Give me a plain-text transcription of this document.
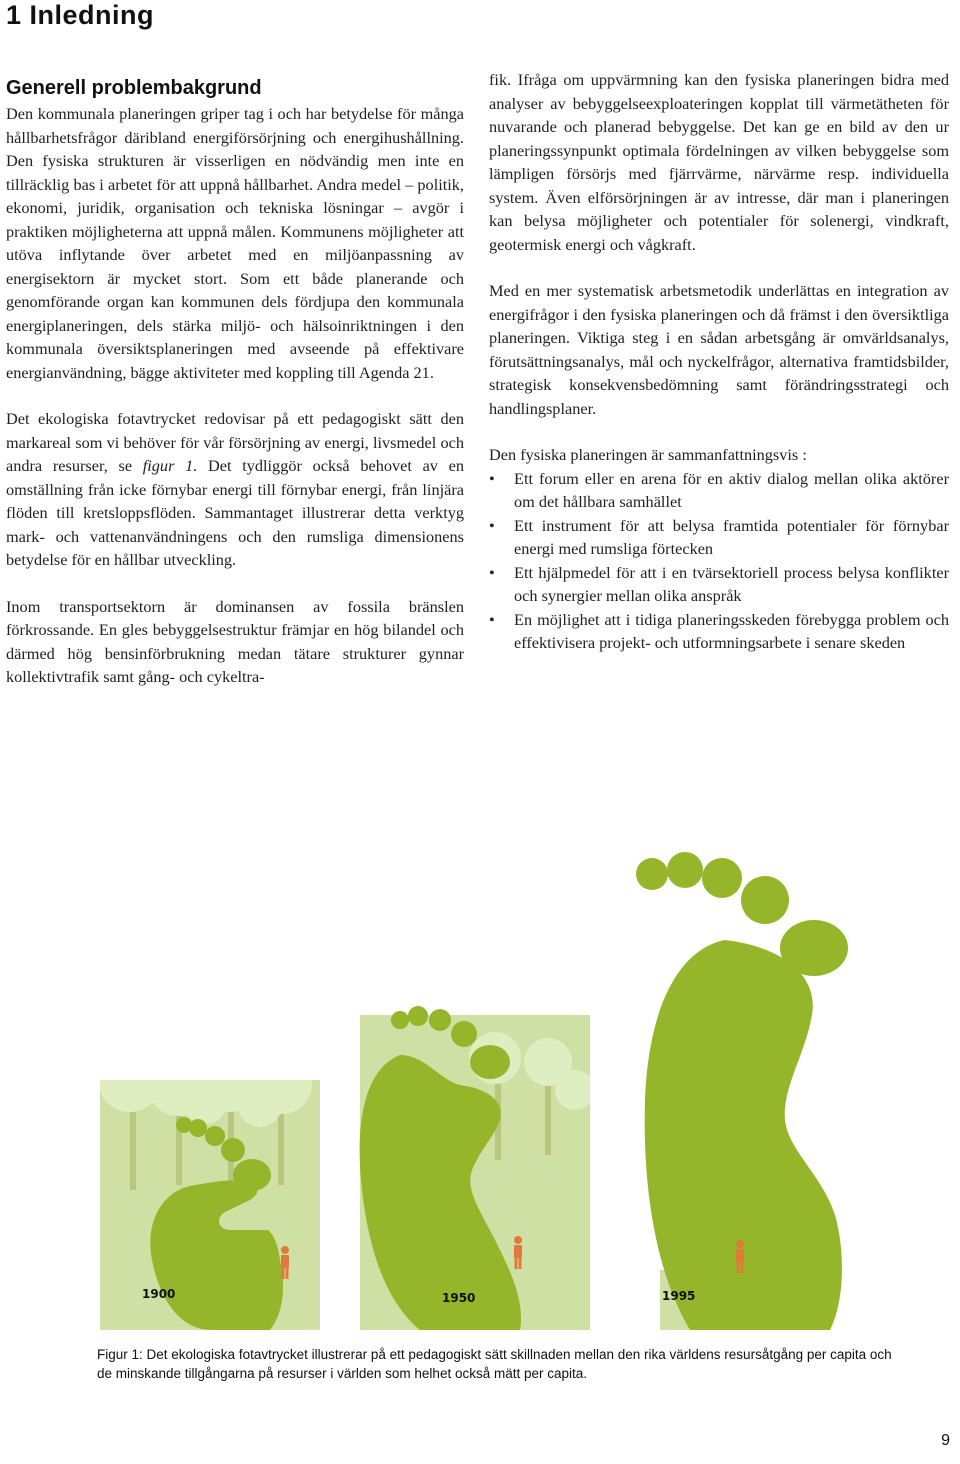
1 Inledning
Generell problembakgrund

Den kommunala planeringen griper tag i och har betydelse för många hållbarhetsfrågor däribland energiförsörjning och energihushållning. Den fysiska strukturen är visserligen en nödvändig men inte en tillräcklig bas i arbetet för att uppnå hållbarhet. Andra medel – politik, ekonomi, juridik, organisation och tekniska lösningar – avgör i praktiken möjligheterna att uppnå målen. Kommunens möjligheter att utöva inflytande över arbetet med en miljöanpassning av energisektorn är mycket stort. Som ett både planerande och genomförande organ kan kommunen dels fördjupa den kommunala energiplaneringen, dels stärka miljö- och hälsoinriktningen i den kommunala översiktsplaneringen med avseende på effektivare energianvändning, bägge aktiviteter med koppling till Agenda 21.

Det ekologiska fotavtrycket redovisar på ett pedagogiskt sätt den markareal som vi behöver för vår försörjning av energi, livsmedel och andra resurser, se figur 1. Det tydliggör också behovet av en omställning från icke förnybar energi till förnybar energi, från linjära flöden till kretsloppsflöden. Sammantaget illustrerar detta verktyg mark- och vattenanvändningens och den rumsliga dimensionens betydelse för en hållbar utveckling.

Inom transportsektorn är dominansen av fossila bränslen förkrossande. En gles bebyggelsestruktur främjar en hög bilandel och därmed hög bensinförbrukning medan tätare strukturer gynnar kollektivtrafik samt gång- och cykeltra-

fik. Ifråga om uppvärmning kan den fysiska planeringen bidra med analyser av bebyggelseexploateringen kopplat till värmetätheten för nuvarande och planerad bebyggelse. Det kan ge en bild av den ur planeringssynpunkt optimala fördelningen av vilken bebyggelse som lämpligen försörjs med fjärrvärme, närvärme resp. individuella system. Även elförsörjningen är av intresse, där man i planeringen kan belysa möjligheter och potentialer för solenergi, vindkraft, geotermisk energi och vågkraft.

Med en mer systematisk arbetsmetodik underlättas en integration av energifrågor i den fysiska planeringen och då främst i den översiktliga planeringen. Viktiga steg i en sådan arbetsgång är omvärldsanalys, förutsättningsanalys, mål och nyckelfrågor, alternativa framtidsbilder, strategisk konsekvensbedömning samt förändringsstrategi och handlingsplaner.

Den fysiska planeringen är sammanfattningsvis :
• Ett forum eller en arena för en aktiv dialog mellan olika aktörer om det hållbara samhället
• Ett instrument för att belysa framtida potentialer för förnybar energi med rumsliga förtecken
• Ett hjälpmedel för att i en tvärsektoriell process belysa konflikter och synergier mellan olika anspråk
• En möjlighet att i tidiga planeringsskeden förebygga problem och effektivisera projekt- och utformningsarbete i senare skeden
1900	1950	1995
Figur 1: Det ekologiska fotavtrycket illustrerar på ett pedagogiskt sätt skillnaden mellan den rika världens resursåtgång per capita och de minskande tillgångarna på resurser i världen som helhet också mätt per capita.
9
